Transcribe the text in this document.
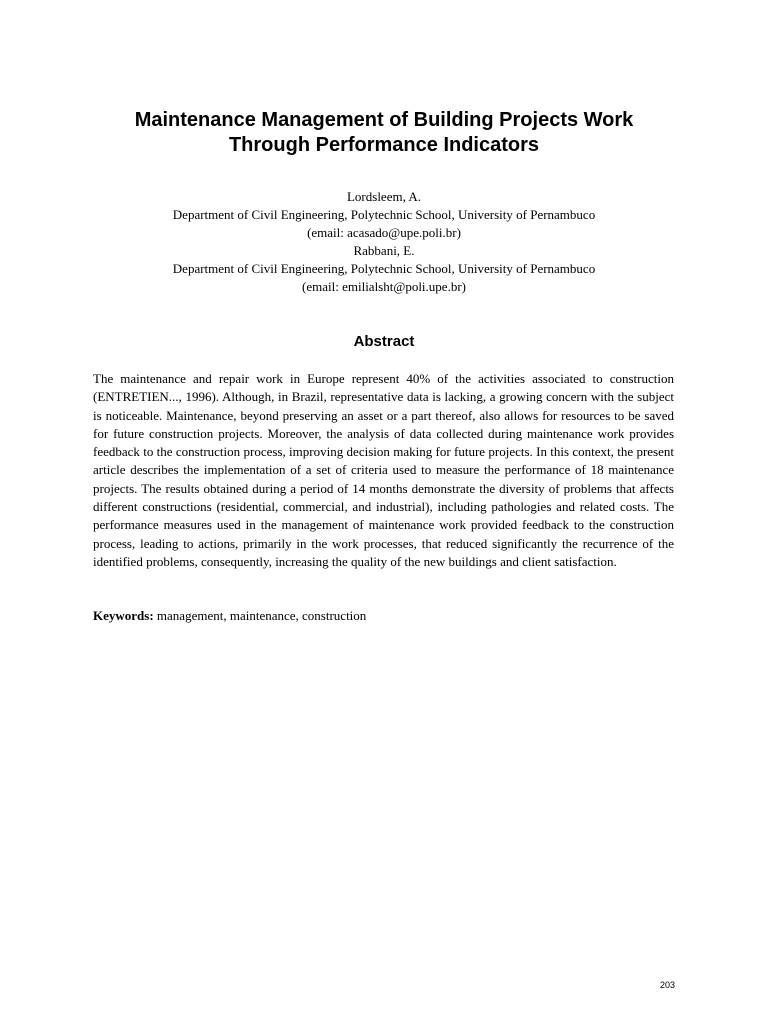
Maintenance Management of Building Projects Work
Through Performance Indicators
Lordsleem, A.
Department of Civil Engineering, Polytechnic School, University of Pernambuco
(email: acasado@upe.poli.br)
Rabbani, E.
Department of Civil Engineering, Polytechnic School, University of Pernambuco
(email: emilialsht@poli.upe.br)
Abstract

The maintenance and repair work in Europe represent 40% of the activities associated to construction (ENTRETIEN..., 1996). Although, in Brazil, representative data is lacking, a growing concern with the subject is noticeable. Maintenance, beyond preserving an asset or a part thereof, also allows for resources to be saved for future construction projects. Moreover, the analysis of data collected during maintenance work provides feedback to the construction process, improving decision making for future projects. In this context, the present article describes the implementation of a set of criteria used to measure the performance of 18 maintenance projects. The results obtained during a period of 14 months demonstrate the diversity of problems that affects different constructions (residential, commercial, and industrial), including pathologies and related costs. The performance measures used in the management of maintenance work provided feedback to the construction process, leading to actions, primarily in the work processes, that reduced significantly the recurrence of the identified problems, consequently, increasing the quality of the new buildings and client satisfaction.

Keywords: management, maintenance, construction

203
